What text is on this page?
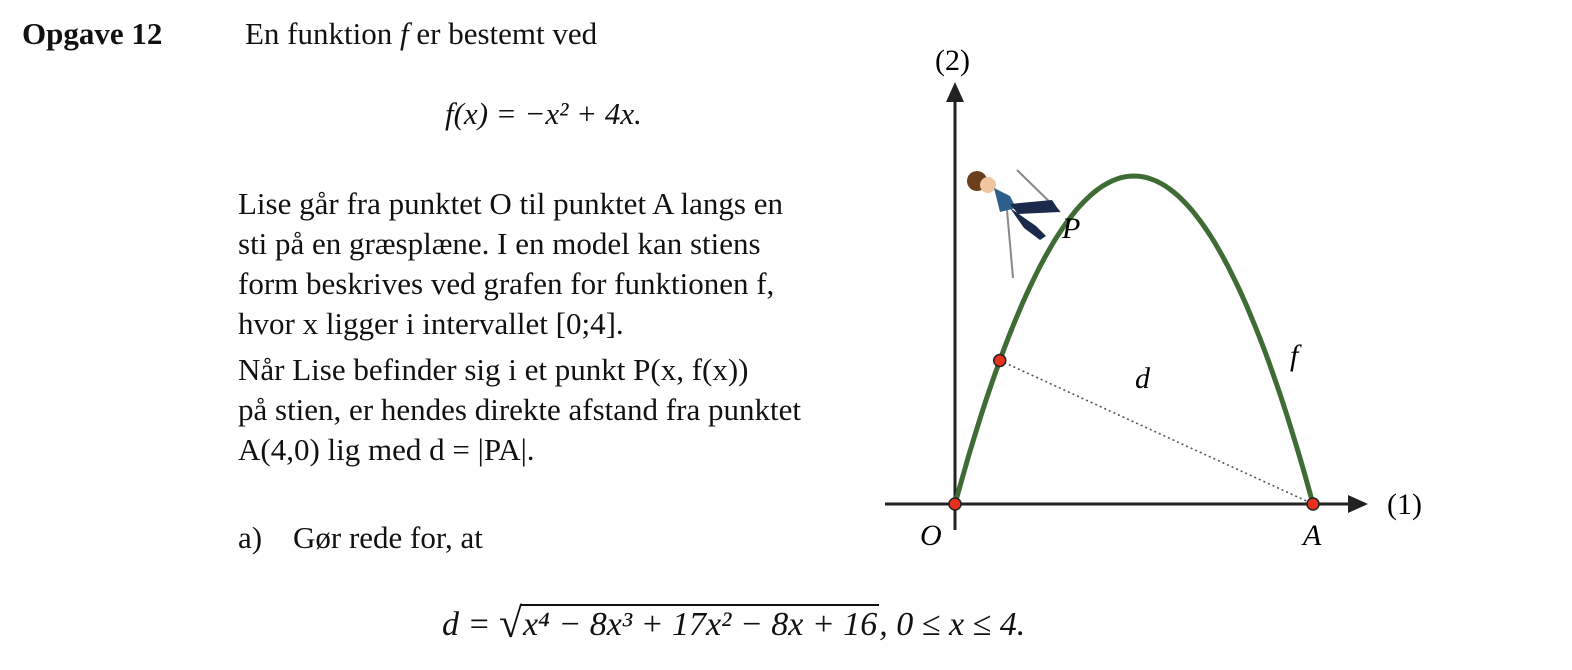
Opgave 12	En funktion f er bestemt ved
f(x) = −x² + 4x.
Lise går fra punktet O til punktet A langs en
sti på en græsplæne. I en model kan stiens
form beskrives ved grafen for funktionen f,
hvor x ligger i intervallet [0;4].
Når Lise befinder sig i et punkt P(x, f(x))
på stien, er hendes direkte afstand fra punktet
A(4,0) lig med d = |PA|.
a) Gør rede for, at
d = √ x⁴ − 8x³ + 17x² − 8x + 16, 0 ≤ x ≤ 4.
(2)
(1)
O	A
P
f
d
